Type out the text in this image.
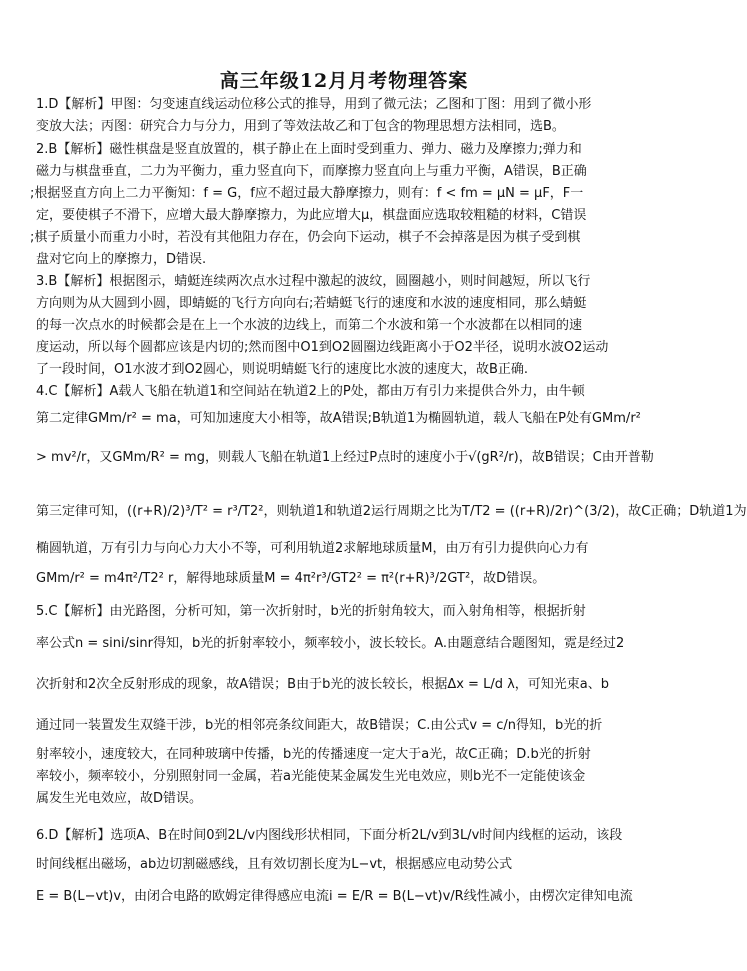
高三年级12月月考物理答案
1.D【解析】甲图：匀变速直线运动位移公式的推导，用到了微元法；乙图和丁图：用到了微小形
变放大法；丙图：研究合力与分力，用到了等效法故乙和丁包含的物理思想方法相同，选B。
2.B【解析】磁性棋盘是竖直放置的，棋子静止在上面时受到重力、弹力、磁力及摩擦力;弹力和
磁力与棋盘垂直，二力为平衡力，重力竖直向下，而摩擦力竖直向上与重力平衡，A错误，B正确
;根据竖直方向上二力平衡知：f = G，f应不超过最大静摩擦力，则有：f < fm = μN = μF，F一
定，要使棋子不滑下，应增大最大静摩擦力，为此应增大μ，棋盘面应选取较粗糙的材料，C错误
;棋子质量小而重力小时，若没有其他阻力存在，仍会向下运动，棋子不会掉落是因为棋子受到棋
盘对它向上的摩擦力，D错误.
3.B【解析】根据图示，蜻蜓连续两次点水过程中激起的波纹，圆圈越小，则时间越短，所以飞行
方向则为从大圆到小圆，即蜻蜓的飞行方向向右;若蜻蜓飞行的速度和水波的速度相同，那么蜻蜓
的每一次点水的时候都会是在上一个水波的边线上，而第二个水波和第一个水波都在以相同的速
度运动，所以每个圆都应该是内切的;然而图中O1到O2圆圈边线距离小于O2半径，说明水波O2运动
了一段时间，O1水波才到O2圆心，则说明蜻蜓飞行的速度比水波的速度大，故B正确.
4.C【解析】A载人飞船在轨道1和空间站在轨道2上的P处，都由万有引力来提供合外力，由牛顿
第二定律GMm/r² = ma，可知加速度大小相等，故A错误;B轨道1为椭圆轨道，载人飞船在P处有GMm/r²
> mv²/r，又GMm/R² = mg，则载人飞船在轨道1上经过P点时的速度小于√(gR²/r)，故B错误；C由开普勒
第三定律可知，((r+R)/2)³/T² = r³/T2²，则轨道1和轨道2运行周期之比为T/T2 = ((r+R)/2r)^(3/2)，故C正确；D轨道1为
椭圆轨道，万有引力与向心力大小不等，可利用轨道2求解地球质量M，由万有引力提供向心力有
GMm/r² = m4π²/T2² r，解得地球质量M = 4π²r³/GT2² = π²(r+R)³/2GT²，故D错误。
5.C【解析】由光路图，分析可知，第一次折射时，b光的折射角较大，而入射角相等，根据折射
率公式n = sini/sinr得知，b光的折射率较小，频率较小，波长较长。A.由题意结合题图知，霓是经过2
次折射和2次全反射形成的现象，故A错误；B由于b光的波长较长，根据Δx = L/d λ，可知光束a、b
通过同一装置发生双缝干涉，b光的相邻亮条纹间距大，故B错误；C.由公式v = c/n得知，b光的折
射率较小，速度较大，在同种玻璃中传播，b光的传播速度一定大于a光，故C正确；D.b光的折射
率较小，频率较小，分别照射同一金属，若a光能使某金属发生光电效应，则b光不一定能使该金
属发生光电效应，故D错误。
6.D【解析】选项A、B在时间0到2L/v内图线形状相同，下面分析2L/v到3L/v时间内线框的运动，该段
时间线框出磁场，ab边切割磁感线，且有效切割长度为L−vt，根据感应电动势公式
E = B(L−vt)v，由闭合电路的欧姆定律得感应电流i = E/R = B(L−vt)v/R线性减小，由楞次定律知电流
